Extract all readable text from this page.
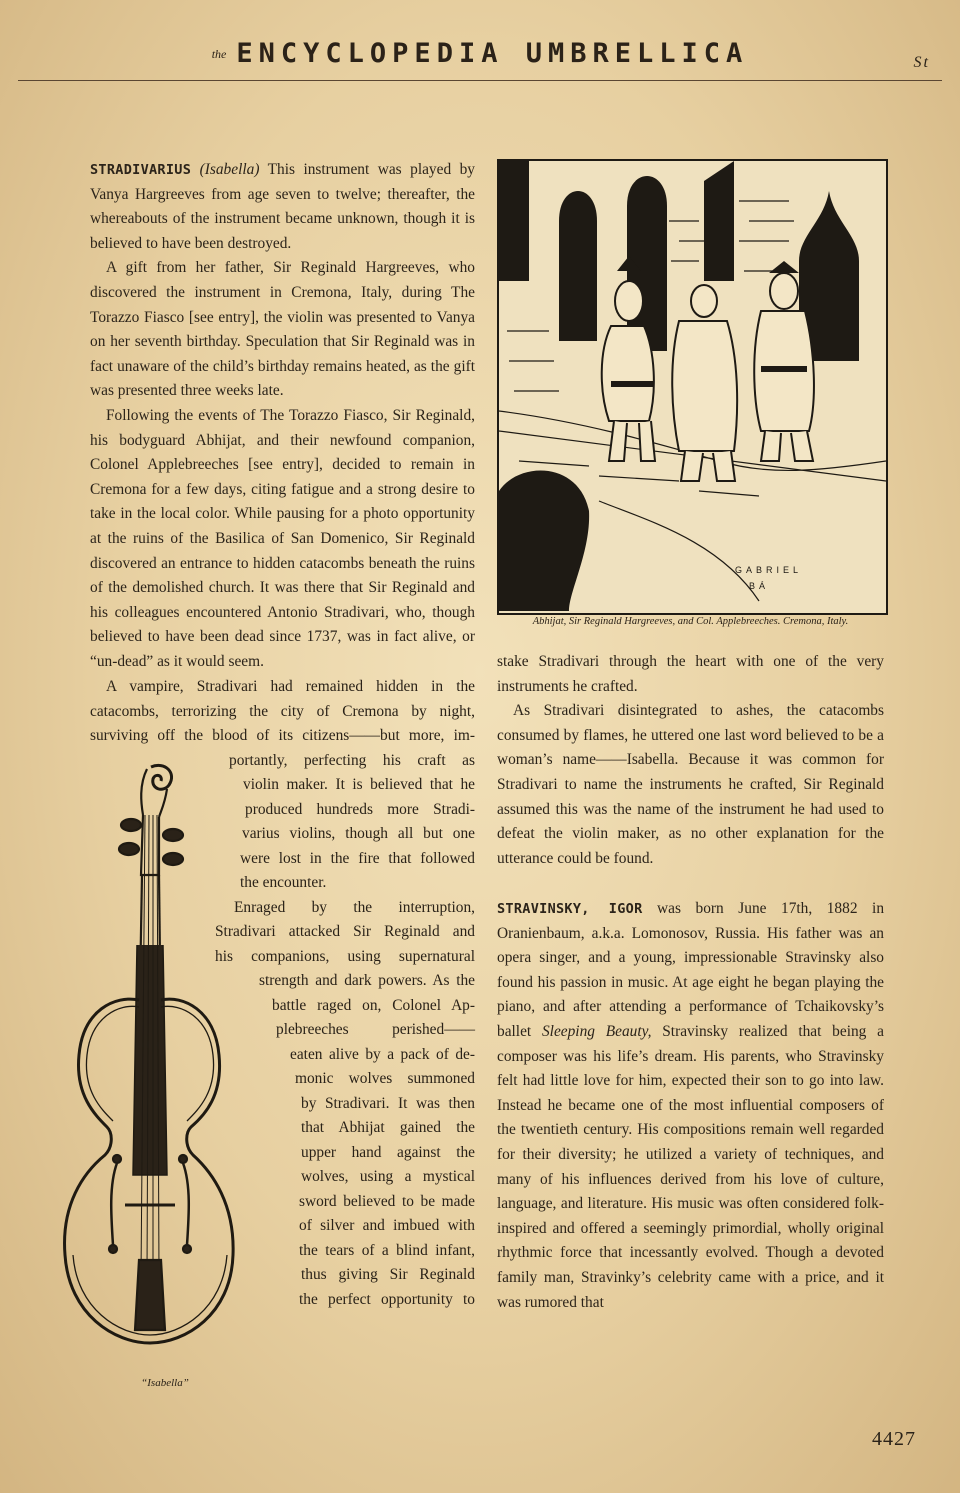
the ENCYCLOPEDIA UMBRELLICA	St

STRADIVARIUS (Isabella) This instrument was played by Vanya Hargreeves from age seven to twelve; thereafter, the whereabouts of the instrument became unknown, though it is believed to have been destroyed.

A gift from her father, Sir Reginald Hargreeves, who discovered the instrument in Cremona, Italy, during The Torazzo Fiasco [see entry], the violin was presented to Vanya on her seventh birthday. Speculation that Sir Reginald was in fact unaware of the child’s birthday remains heated, as the gift was presented three weeks late.

Following the events of The Torazzo Fiasco, Sir Reginald, his bodyguard Abhijat, and their newfound companion, Colonel Applebreeches [see entry], decided to remain in Cremona for a few days, citing fatigue and a strong desire to take in the local color. While pausing for a photo opportunity at the ruins of the Basilica of San Domenico, Sir Reginald discovered an entrance to hidden catacombs beneath the ruins of the demolished church. It was there that Sir Reginald and his colleagues encountered Antonio Stradivari, who, though believed to have been dead since 1737, was in fact alive, or “un-dead” as it would seem.

A vampire, Stradivari had remained hidden in the
catacombs, terrorizing the city of Cremona by night,
surviving off the blood of its citizens——but more, im-
portantly, perfecting his craft as
violin maker. It is believed that he
produced hundreds more Stradi-
varius violins, though all but one
were lost in the fire that followed
the encounter.
Enraged by the interruption,
Stradivari attacked Sir Reginald and
his companions, using supernatural
strength and dark powers. As the
battle raged on, Colonel Ap-
plebreeches perished——
eaten alive by a pack of de-
monic wolves summoned
by Stradivari. It was then
that Abhijat gained the
upper hand against the
wolves, using a mystical
sword believed to be made
of silver and imbued with
the tears of a blind infant,
thus giving Sir Reginald
the perfect opportunity to
“Isabella”
GABRIEL
BÁ
Abhijat, Sir Reginald Hargreeves, and Col. Applebreeches. Cremona, Italy.

stake Stradivari through the heart with one of the very instruments he crafted.

As Stradivari disintegrated to ashes, the catacombs consumed by flames, he uttered one last word believed to be a woman’s name——Isabella. Because it was common for Stradivari to name the instruments he crafted, Sir Reginald assumed this was the name of the instrument he had used to defeat the violin maker, as no other explanation for the utterance could be found.

STRAVINSKY, IGOR was born June 17th, 1882 in Oranienbaum, a.k.a. Lomonosov, Russia. His father was an opera singer, and a young, impressionable Stravinsky also found his passion in music. At age eight he began playing the piano, and after attending a performance of Tchaikovsky’s ballet Sleeping Beauty, Stravinsky realized that being a composer was his life’s dream. His parents, who Stravinsky felt had little love for him, expected their son to go into law. Instead he became one of the most influential composers of the twentieth century. His compositions remain well regarded for their diversity; he utilized a variety of techniques, and many of his influences derived from his love of culture, language, and literature. His music was often considered folk-inspired and offered a seemingly primordial, wholly original rhythmic force that incessantly evolved. Though a devoted family man, Stravinky’s celebrity came with a price, and it was rumored that

4427
